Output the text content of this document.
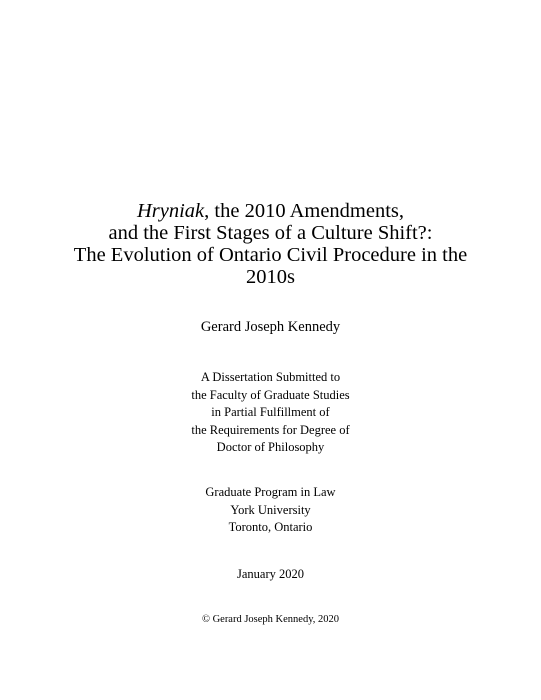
Hryniak, the 2010 Amendments,
and the First Stages of a Culture Shift?:
The Evolution of Ontario Civil Procedure in the
2010s
Gerard Joseph Kennedy
A Dissertation Submitted to
the Faculty of Graduate Studies
in Partial Fulfillment of
the Requirements for Degree of
Doctor of Philosophy
Graduate Program in Law
York University
Toronto, Ontario
January 2020
© Gerard Joseph Kennedy, 2020
